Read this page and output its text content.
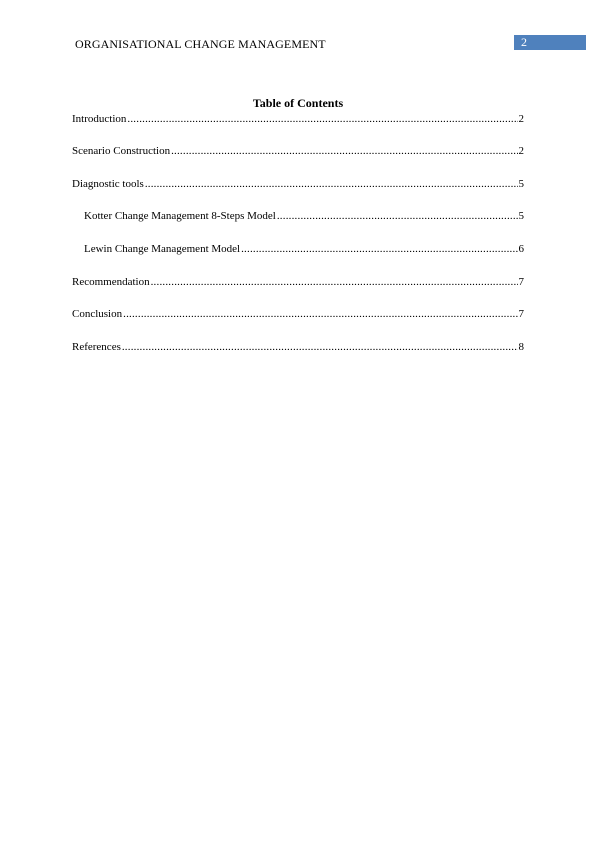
ORGANISATIONAL CHANGE MANAGEMENT	2
Table of Contents
Introduction .....	2
Scenario Construction .....	2
Diagnostic tools .....	5
Kotter Change Management 8-Steps Model .....	5
Lewin Change Management Model .....	6
Recommendation .....	7
Conclusion .....	7
References .....	8
